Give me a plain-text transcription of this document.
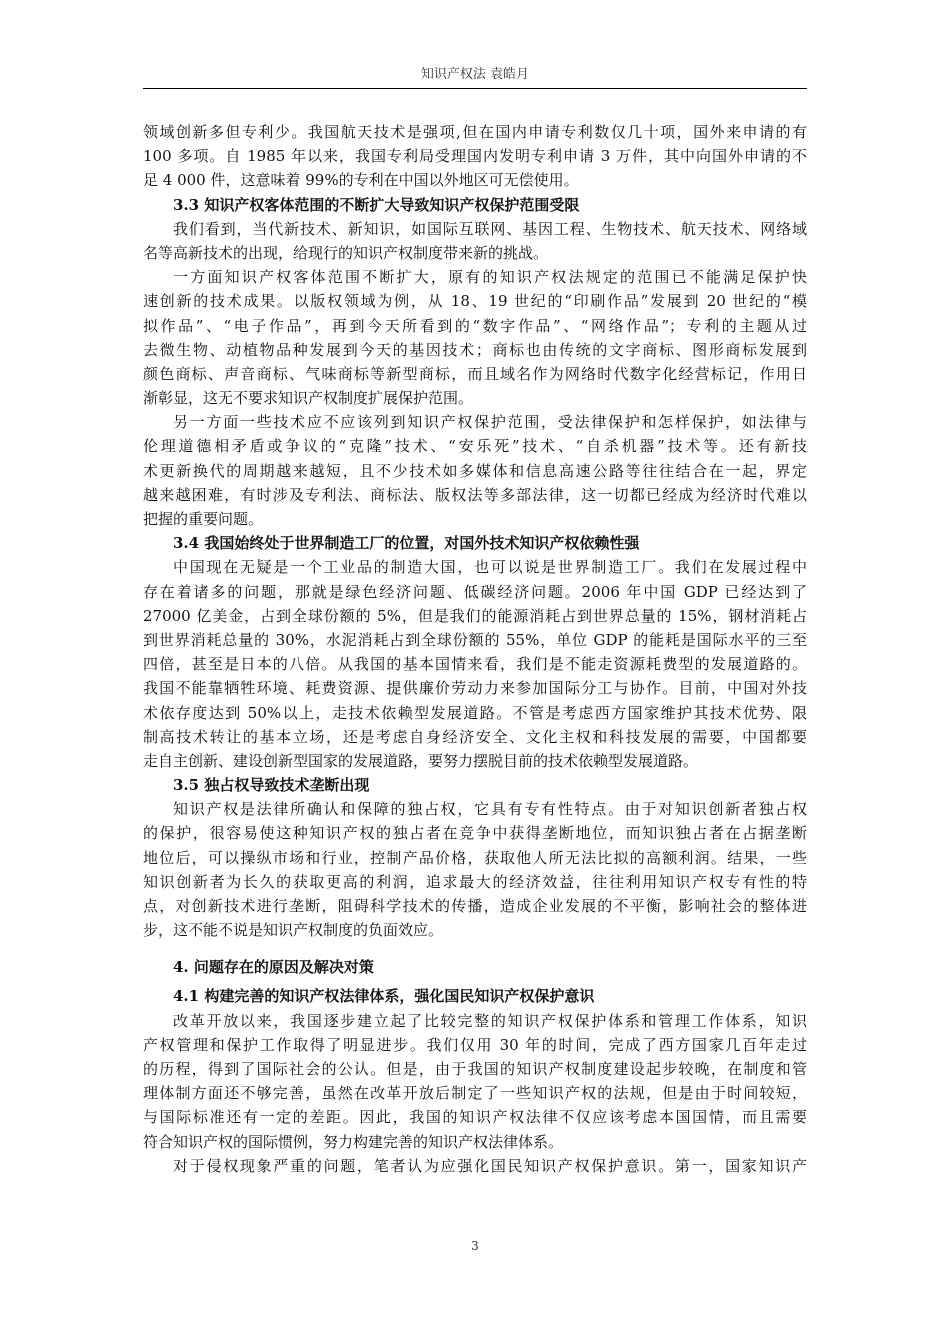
知识产权法 袁皓月
领域创新多但专利少。我国航天技术是强项,但在国内申请专利数仅几十项，国外来申请的有
100 多项。自 1985 年以来，我国专利局受理国内发明专利申请 3 万件，其中向国外申请的不
足 4 000 件，这意味着 99%的专利在中国以外地区可无偿使用。
3.3 知识产权客体范围的不断扩大导致知识产权保护范围受限
我们看到，当代新技术、新知识，如国际互联网、基因工程、生物技术、航天技术、网络域
名等高新技术的出现，给现行的知识产权制度带来新的挑战。
一方面知识产权客体范围不断扩大，原有的知识产权法规定的范围已不能满足保护快
速创新的技术成果。以版权领域为例，从 18、19 世纪的“印刷作品”发展到 20 世纪的“模
拟作品”、“电子作品”，再到今天所看到的“数字作品”、“网络作品”；专利的主题从过
去微生物、动植物品种发展到今天的基因技术；商标也由传统的文字商标、图形商标发展到
颜色商标、声音商标、气味商标等新型商标，而且域名作为网络时代数字化经营标记，作用日
渐彰显，这无不要求知识产权制度扩展保护范围。
另一方面一些技术应不应该列到知识产权保护范围，受法律保护和怎样保护，如法律与
伦理道德相矛盾或争议的“克隆”技术、“安乐死”技术、“自杀机器”技术等。还有新技
术更新换代的周期越来越短，且不少技术如多媒体和信息高速公路等往往结合在一起，界定
越来越困难，有时涉及专利法、商标法、版权法等多部法律，这一切都已经成为经济时代难以
把握的重要问题。
3.4 我国始终处于世界制造工厂的位置，对国外技术知识产权依赖性强
中国现在无疑是一个工业品的制造大国，也可以说是世界制造工厂。我们在发展过程中
存在着诸多的问题，那就是绿色经济问题、低碳经济问题。2006 年中国 GDP 已经达到了
27000 亿美金，占到全球份额的 5%，但是我们的能源消耗占到世界总量的 15%，钢材消耗占
到世界消耗总量的 30%，水泥消耗占到全球份额的 55%，单位 GDP 的能耗是国际水平的三至
四倍，甚至是日本的八倍。从我国的基本国情来看，我们是不能走资源耗费型的发展道路的。
我国不能靠牺牲环境、耗费资源、提供廉价劳动力来参加国际分工与协作。目前，中国对外技
术依存度达到 50%以上，走技术依赖型发展道路。不管是考虑西方国家维护其技术优势、限
制高技术转让的基本立场，还是考虑自身经济安全、文化主权和科技发展的需要，中国都要
走自主创新、建设创新型国家的发展道路，要努力摆脱目前的技术依赖型发展道路。
3.5 独占权导致技术垄断出现
知识产权是法律所确认和保障的独占权，它具有专有性特点。由于对知识创新者独占权
的保护，很容易使这种知识产权的独占者在竞争中获得垄断地位，而知识独占者在占据垄断
地位后，可以操纵市场和行业，控制产品价格，获取他人所无法比拟的高额利润。结果，一些
知识创新者为长久的获取更高的利润，追求最大的经济效益，往往利用知识产权专有性的特
点，对创新技术进行垄断，阻碍科学技术的传播，造成企业发展的不平衡，影响社会的整体进
步，这不能不说是知识产权制度的负面效应。
4. 问题存在的原因及解决对策
4.1 构建完善的知识产权法律体系，强化国民知识产权保护意识
改革开放以来，我国逐步建立起了比较完整的知识产权保护体系和管理工作体系，知识
产权管理和保护工作取得了明显进步。我们仅用 30 年的时间，完成了西方国家几百年走过
的历程，得到了国际社会的公认。但是，由于我国的知识产权制度建设起步较晚，在制度和管
理体制方面还不够完善，虽然在改革开放后制定了一些知识产权的法规，但是由于时间较短，
与国际标准还有一定的差距。因此，我国的知识产权法律不仅应该考虑本国国情，而且需要
符合知识产权的国际惯例，努力构建完善的知识产权法律体系。
对于侵权现象严重的问题，笔者认为应强化国民知识产权保护意识。第一，国家知识产
3
